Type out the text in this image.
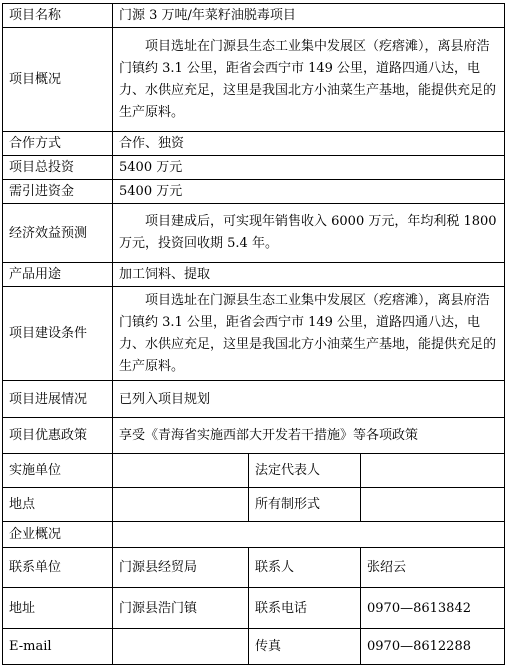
项目名称	门源 3 万吨/年菜籽油脱毒项目		
项目概况	项目选址在门源县生态工业集中发展区（疙瘩滩），离县府浩门镇约 3.1 公里，距省会西宁市 149 公里，道路四通八达，电力、水供应充足，这里是我国北方小油菜生产基地，能提供充足的生产原料。		
合作方式	合作、独资		
项目总投资	5400 万元		
需引进资金	5400 万元		
经济效益预测	项目建成后，可实现年销售收入 6000 万元，年均利税 1800 万元，投资回收期 5.4 年。		
产品用途	加工饲料、提取		
项目建设条件	项目选址在门源县生态工业集中发展区（疙瘩滩），离县府浩门镇约 3.1 公里，距省会西宁市 149 公里，道路四通八达，电力、水供应充足，这里是我国北方小油菜生产基地，能提供充足的生产原料。		
项目进展情况	已列入项目规划		
项目优惠政策	享受《青海省实施西部大开发若干措施》等各项政策		
实施单位		法定代表人	
地点		所有制形式	
企业概况			
联系单位	门源县经贸局	联系人	张绍云
地址	门源县浩门镇	联系电话	0970—8613842
E-mail		传真	0970—8612288
